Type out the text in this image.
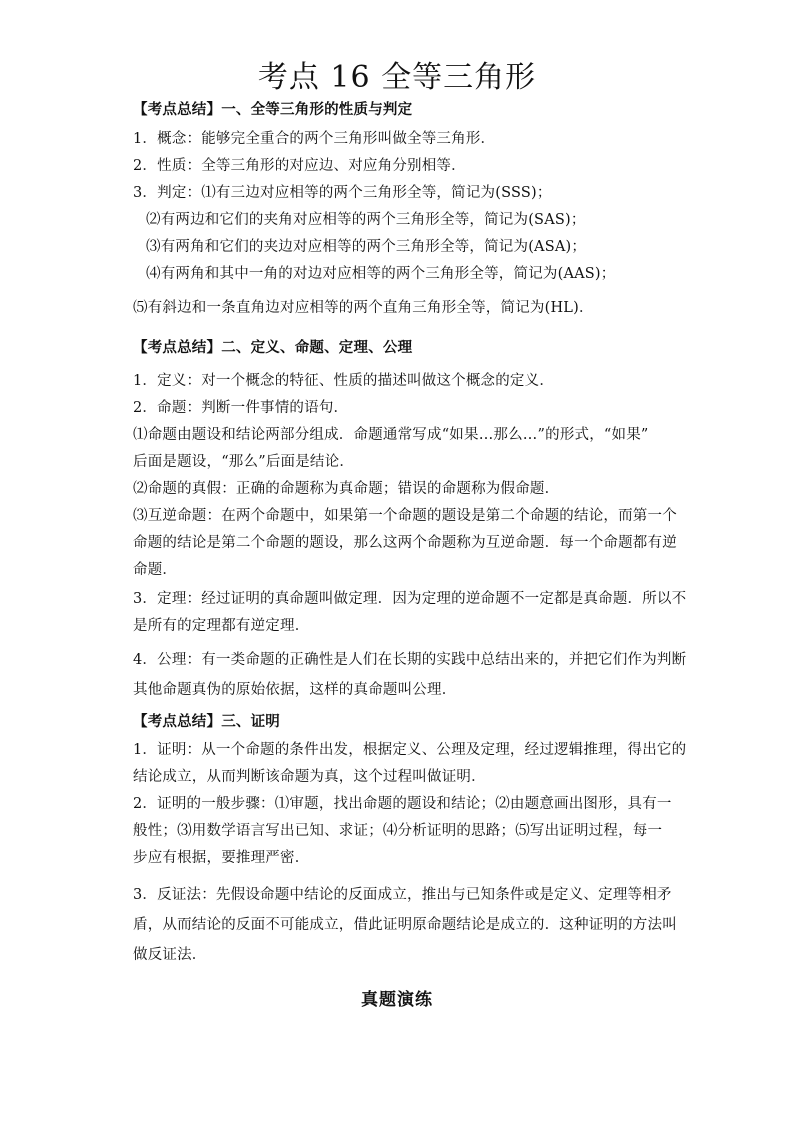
考点 16 全等三角形
【考点总结】一、全等三角形的性质与判定
1．概念：能够完全重合的两个三角形叫做全等三角形．
2．性质：全等三角形的对应边、对应角分别相等．
3．判定：⑴有三边对应相等的两个三角形全等，简记为(SSS)；
⑵有两边和它们的夹角对应相等的两个三角形全等，简记为(SAS)；
⑶有两角和它们的夹边对应相等的两个三角形全等，简记为(ASA)；
⑷有两角和其中一角的对边对应相等的两个三角形全等，简记为(AAS)；
⑸有斜边和一条直角边对应相等的两个直角三角形全等，简记为(HL)．
【考点总结】二、定义、命题、定理、公理
1．定义：对一个概念的特征、性质的描述叫做这个概念的定义．
2．命题：判断一件事情的语句．
⑴命题由题设和结论两部分组成．命题通常写成“如果…那么…”的形式，“如果”
后面是题设，“那么”后面是结论．
⑵命题的真假：正确的命题称为真命题；错误的命题称为假命题．
⑶互逆命题：在两个命题中，如果第一个命题的题设是第二个命题的结论，而第一个
命题的结论是第二个命题的题设，那么这两个命题称为互逆命题．每一个命题都有逆
命题．
3．定理：经过证明的真命题叫做定理．因为定理的逆命题不一定都是真命题．所以不
是所有的定理都有逆定理．
4．公理：有一类命题的正确性是人们在长期的实践中总结出来的，并把它们作为判断
其他命题真伪的原始依据，这样的真命题叫公理．
【考点总结】三、证明
1．证明：从一个命题的条件出发，根据定义、公理及定理，经过逻辑推理，得出它的
结论成立，从而判断该命题为真，这个过程叫做证明．
2．证明的一般步骤：⑴审题，找出命题的题设和结论；⑵由题意画出图形，具有一
般性；⑶用数学语言写出已知、求证；⑷分析证明的思路；⑸写出证明过程，每一
步应有根据，要推理严密．
3．反证法：先假设命题中结论的反面成立，推出与已知条件或是定义、定理等相矛
盾，从而结论的反面不可能成立，借此证明原命题结论是成立的．这种证明的方法叫
做反证法．
真题演练
